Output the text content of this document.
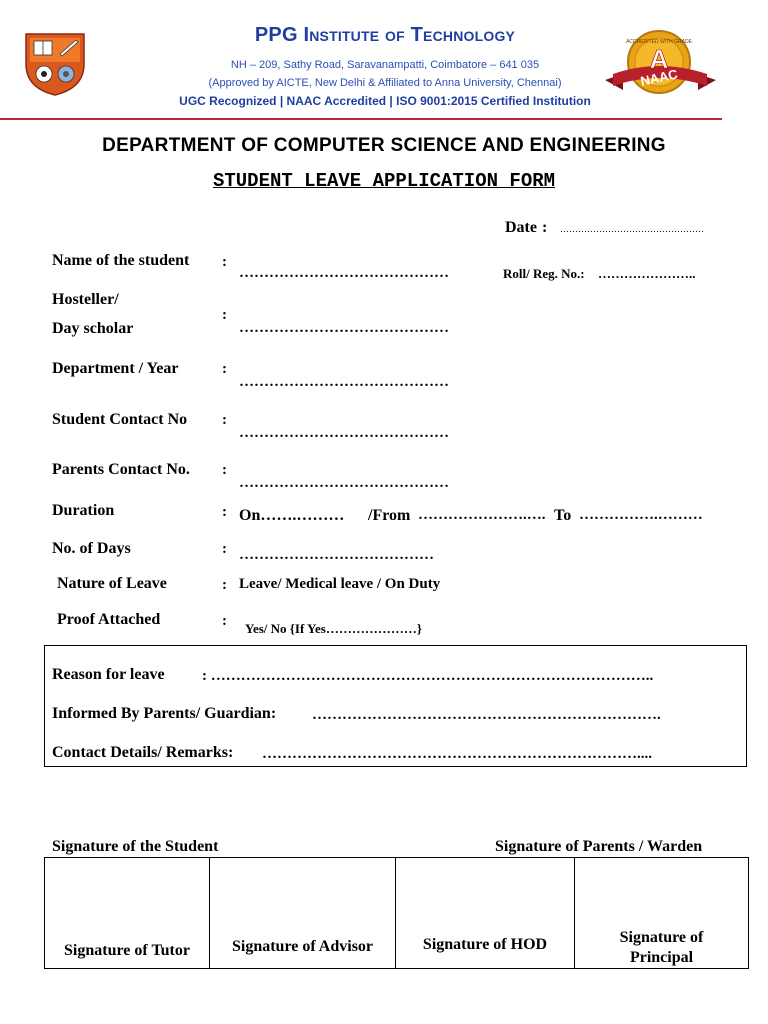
PPG Institute of Technology
NH – 209, Sathy Road, Saravanampatti, Coimbatore – 641 035
(Approved by AICTE, New Delhi & Affiliated to Anna University, Chennai)
UGC Recognized | NAAC Accredited | ISO 9001:2015 Certified Institution
ACCREDITED WITH GRADE
A
NAAC
DEPARTMENT OF COMPUTER SCIENCE AND ENGINEERING
STUDENT LEAVE APPLICATION FORM
Date : …………………………………………
Name of the student :
……………………………………	Roll/ Reg. No.: …………………..
Hosteller/
Day scholar
:
……………………………………
Department / Year	:
……………………………………
Student Contact No :
……………………………………
Parents Contact No. :
……………………………………
Duration	: On…….……… /From ………………….…. To …………….………
No. of Days	: …………………………………
Nature of Leave	: Leave/ Medical leave / On Duty
Proof Attached	: Yes/ No {If Yes…………………}
Reason for leave : ……………………………………………………………………………..
Informed By Parents/ Guardian: …………………………………………………………….
Contact Details/ Remarks: …………………………………………………………………....
Signature of the Student	Signature of Parents / Warden
Signature of Tutor	Signature of Advisor	Signature of HOD	Signature of
Principal
